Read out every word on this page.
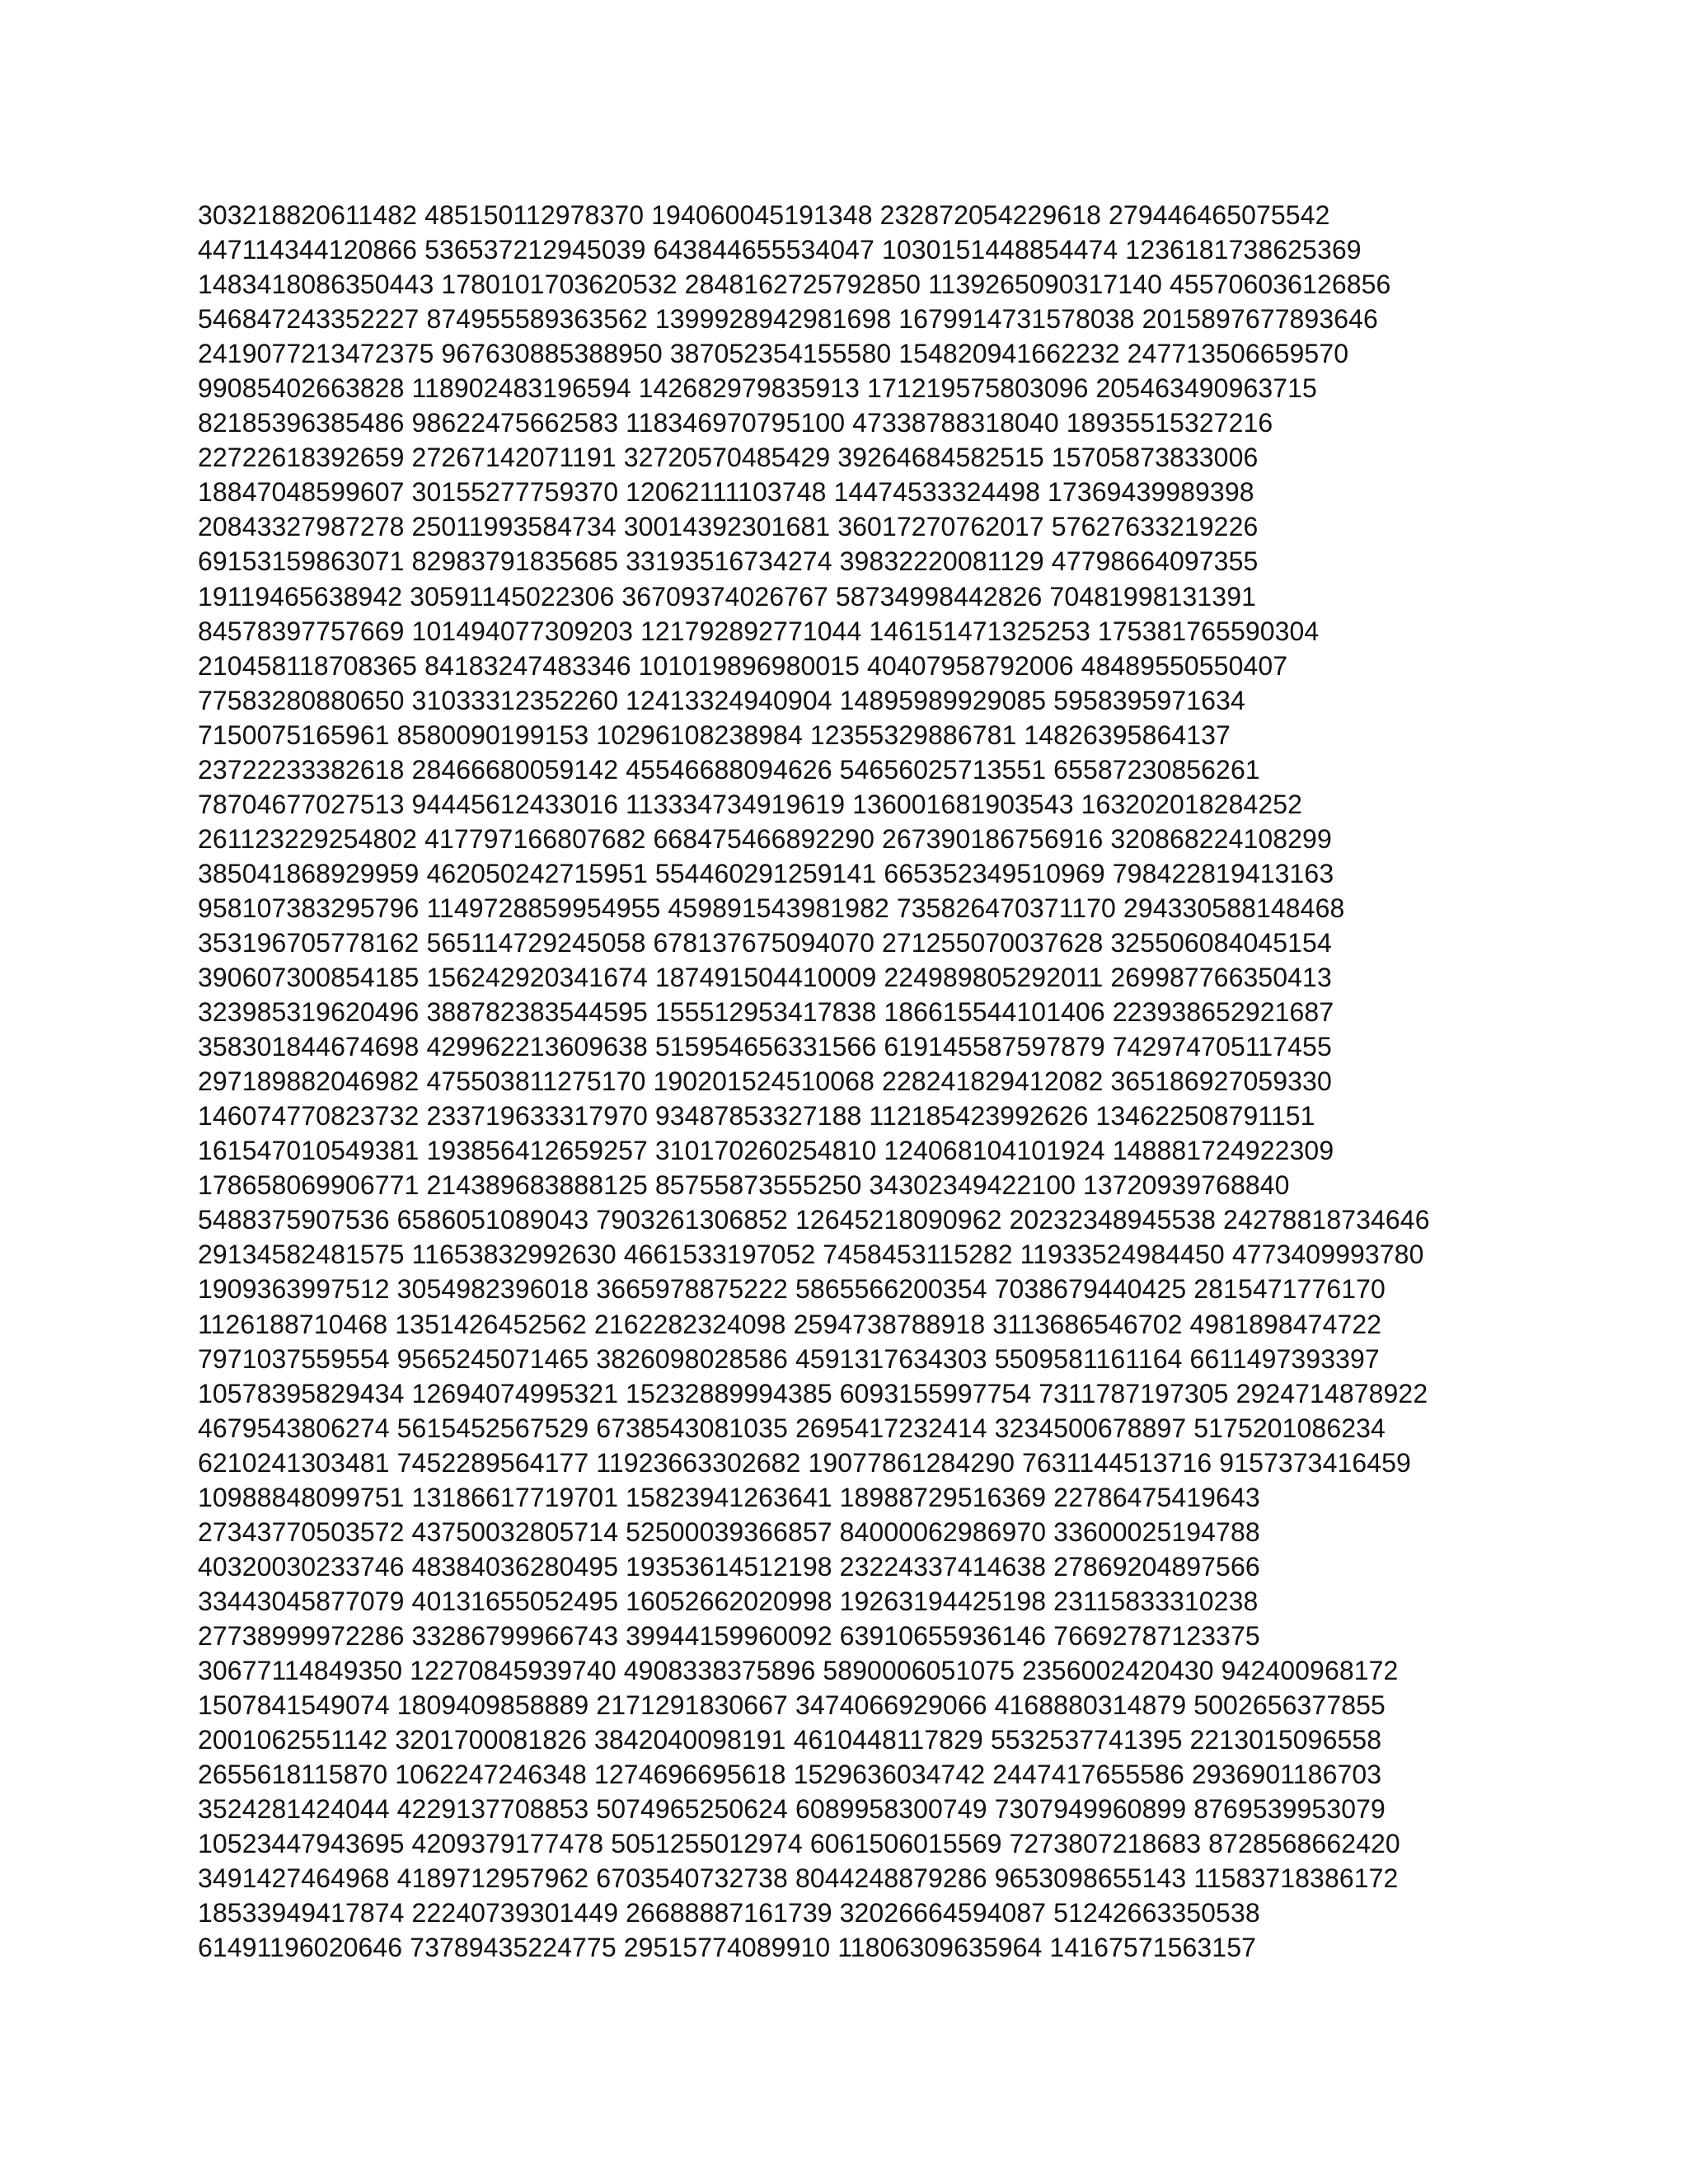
303218820611482 485150112978370 194060045191348 232872054229618 279446465075542
447114344120866 536537212945039 643844655534047 1030151448854474 1236181738625369
1483418086350443 1780101703620532 2848162725792850 1139265090317140 455706036126856
546847243352227 874955589363562 1399928942981698 1679914731578038 2015897677893646
2419077213472375 967630885388950 387052354155580 154820941662232 247713506659570
99085402663828 118902483196594 142682979835913 171219575803096 205463490963715
82185396385486 98622475662583 118346970795100 47338788318040 18935515327216
22722618392659 27267142071191 32720570485429 39264684582515 15705873833006
18847048599607 30155277759370 12062111103748 14474533324498 17369439989398
20843327987278 25011993584734 30014392301681 36017270762017 57627633219226
69153159863071 82983791835685 33193516734274 39832220081129 47798664097355
19119465638942 30591145022306 36709374026767 58734998442826 70481998131391
84578397757669 101494077309203 121792892771044 146151471325253 175381765590304
210458118708365 84183247483346 101019896980015 40407958792006 48489550550407
77583280880650 31033312352260 12413324940904 14895989929085 5958395971634
7150075165961 8580090199153 10296108238984 12355329886781 14826395864137
23722233382618 28466680059142 45546688094626 54656025713551 65587230856261
78704677027513 94445612433016 113334734919619 136001681903543 163202018284252
261123229254802 417797166807682 668475466892290 267390186756916 320868224108299
385041868929959 462050242715951 554460291259141 665352349510969 798422819413163
958107383295796 1149728859954955 459891543981982 735826470371170 294330588148468
353196705778162 565114729245058 678137675094070 271255070037628 325506084045154
390607300854185 156242920341674 187491504410009 224989805292011 269987766350413
323985319620496 388782383544595 155512953417838 186615544101406 223938652921687
358301844674698 429962213609638 515954656331566 619145587597879 742974705117455
297189882046982 475503811275170 190201524510068 228241829412082 365186927059330
146074770823732 233719633317970 93487853327188 112185423992626 134622508791151
161547010549381 193856412659257 310170260254810 124068104101924 148881724922309
178658069906771 214389683888125 85755873555250 34302349422100 13720939768840
5488375907536 6586051089043 7903261306852 12645218090962 20232348945538 24278818734646
29134582481575 11653832992630 4661533197052 7458453115282 11933524984450 4773409993780
1909363997512 3054982396018 3665978875222 5865566200354 7038679440425 2815471776170
1126188710468 1351426452562 2162282324098 2594738788918 3113686546702 4981898474722
7971037559554 9565245071465 3826098028586 4591317634303 5509581161164 6611497393397
10578395829434 12694074995321 15232889994385 6093155997754 7311787197305 2924714878922
4679543806274 5615452567529 6738543081035 2695417232414 3234500678897 5175201086234
6210241303481 7452289564177 11923663302682 19077861284290 7631144513716 9157373416459
10988848099751 13186617719701 15823941263641 18988729516369 22786475419643
27343770503572 43750032805714 52500039366857 84000062986970 33600025194788
40320030233746 48384036280495 19353614512198 23224337414638 27869204897566
33443045877079 40131655052495 16052662020998 19263194425198 23115833310238
27738999972286 33286799966743 39944159960092 63910655936146 76692787123375
30677114849350 12270845939740 4908338375896 5890006051075 2356002420430 942400968172
1507841549074 1809409858889 2171291830667 3474066929066 4168880314879 5002656377855
2001062551142 3201700081826 3842040098191 4610448117829 5532537741395 2213015096558
2655618115870 1062247246348 1274696695618 1529636034742 2447417655586 2936901186703
3524281424044 4229137708853 5074965250624 6089958300749 7307949960899 8769539953079
10523447943695 4209379177478 5051255012974 6061506015569 7273807218683 8728568662420
3491427464968 4189712957962 6703540732738 8044248879286 9653098655143 11583718386172
18533949417874 22240739301449 26688887161739 32026664594087 51242663350538
61491196020646 73789435224775 29515774089910 11806309635964 14167571563157
